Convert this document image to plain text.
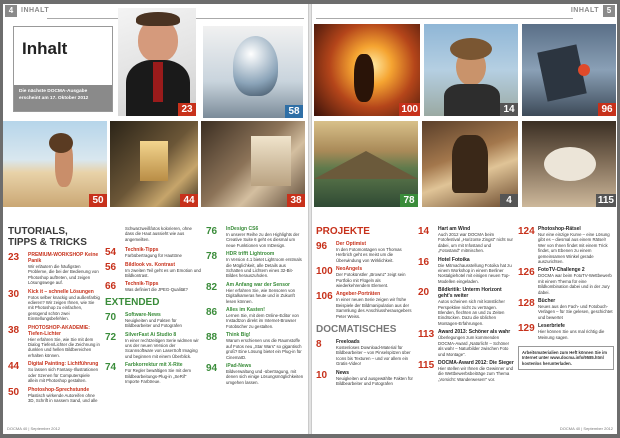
4	INHALT
Inhalt
Die nächste DOCMA-Ausgabe erscheint am 17. Oktober 2012
23	58
50	44	38
TUTORIALS, TIPPS & TRICKS
23	PREMIUM-WORKSHOP Keine Panik
Wir erläutern die häufigsten Probleme, die bei der Bedienung von Photoshop auftreten, und zeigen Lösungswege auf.
30	Kick it – schnelle Lösungen
Fotos selber knackig und außenfarbig edieren? Wir zeigen Ihnen, wie Sie mit Photoshop zu einfachen, genügend schön zwei Einstellungsbefehlen.
38	PHOTOSHOP-AKADEMIE: Tiefen-Lichter
Hier erfahren Sie, wie Sie mit dem Dialog Tiefen/Lichter die Zeichnung in dunklen und hellen Bildbereichen erhalten können.
44	Digital Painting: Lichtführung
So lassen sich Fantasy-Illustrationen oder Szenen für Computerspiele allein mit Photoshop gestalten.
50	Photoshop-Sprechstunde
Plastisch wirkende Autoreifen ohne 3D, Schrift in nassem Sand, und alle
Schwarzweißfotos kolorieren, ohne dass die Haut aussieht wie aus angemeilten.
54	Technik-Tipps
Farbübertragung für Hauttöne
56	Bildlook vs. Kontrast
Im zweiten Teil geht es um Emotion und Bildkontrast.
66	Technik-Tipps
Was definiert die JPEG-Qualität?
EXTENDED
70	Software-News
Neuigkeiten und Fakten für Bildbearbeiter und Fotografen
72	SilverFast Ai Studio 8
In einer rechtzeitigen Serie widmen wir uns der neuen Version der Scannsoftware von LaserSoft Imaging und beginnen mit einem Überblick.
74	Farbkorrektur mit X-Rite
Für Regler bewältigen Sie mit dem Bildbearbeitungs-Plug-in „SeRif“ Importe Farbtreue.
76	InDesign CS6
In unserer Reihe zu den Highlights der Creative Suite 6 geht es diesmal um neue Funktionen von InDesign.
78	HDR trifft Lightroom
In Version 4.1 bietet Lightroom erstmals die Möglichkeit, alle Details aus Schatten und Lichtern eines 32-Bit-Bildes herauszuholen.
82	Am Anfang war der Sensor
Hier erfahren Sie, wie Sensoren von Digitalkameras heute und in Zukunft lesen können.
86	Alles im Kasten!
Lernen Sie, mit dem Online-Editor von Instadtzon direkt im Internet-Browser Fotobücher zu gestalten.
88	Think Big!
Warum erschienen uns die Raumstoffe auf Fotos neu „Star Wars“ so gigantisch groß? Eine Lösung bietet ein Plug-in für CinemaID.
94	iPad-News
Bildverwaltung und -übertragung, mit denen sich einige Lösungsmöglichkeiten umgehen lassen.
DOCMA 40 | September 2012
INHALT 5
100	14	96
78	4	115
PROJEKTE
96	Der Optimist
In den Fotomontagen von Thomas Herbrich geht es meist um die Überwindung von Wirklichkeit.
100 NeoAngels
Der Fotokünstler „Brownz“ zeigt sein Portfolio mit Flügeln als wiederkehrendem Element.
106 Angeber-Porträten
In einer neuen Serie zeigen wir frühe Beispiele der Bildmanipulation aus der Sammlung des Anschlussherausgebers Peter Weiss.
DOCMATISCHES
8	Freeloads
Kostenloses Download-Material für Bildbearbeiter – von Pinselspitzen über Icons bis Texturen – und vor allem ein Gratis-Video!
10	News
Neuigkeiten und ausgewählte Fakten für Bildbearbeiter und Fotografen
14	Hart am Wind
Auch 2012 war DOCMA beim Fotofestival „Horizonte Zingst“ nicht nur dabei, um mit Infostand und „Fotostand“ mitmischen.
16	Hotel Fotoika
Die Mitmachausstellung Fotoika hat zu einem Workshop in einem Berliner Nostalgiehotel mit einigen neuen Top-Modellen eingeladen.
20	Bildkritik: Unterm Horizont geht's weiter
Autos scheinen sich mit künstlicher Perspektive nicht zu vertragen. Blenden, flechten an und zu Zeiten Eindrücken. Dazu die üblichen Montagen-Erfahrungen.
113 Award 2013: Schöner als wahr
Überlegungen zum kommenden DOCMA-Award „Natürlich! – Schöner als wahr – Naturbilder zwischen Foto und Montage“.
115 DOCMA-Award 2012: Die Sieger
Hier stellen wir Ihnen die Gewinner und die Wettbewerbsbeiträge zum Thema „Vorsicht: Wanderwesen!“ vor.
124 Photoshop-Rätsel
Nur eine einzige Kurve – eine Lösung gibt es – diesmal aus einem Rätsel! Wer von Ihnen findet mit einem Trick findet, um Ebenen zu einem gemeinsamen Winkel gerade auszurichten.
126 FotoTV-Challenge 2
DOCMA war beim FotoTV-Wettbewerb mit einem Thema für eine Bildkombination dabei und in der Jury dabei.
128 Bücher
Neues aus den Fach- und Fotobuch-Verlagen – für Sie gelesen, geschichtet und bewertet
129 Leserbriefe
Hier können Sie uns mal richtig die Meinung sagen.
Arbeitsmaterialien zum Heft können Sie im Internet unter www.docma.info/9585.html kostenlos herunterladen.
DOCMA 40 | September 2012
